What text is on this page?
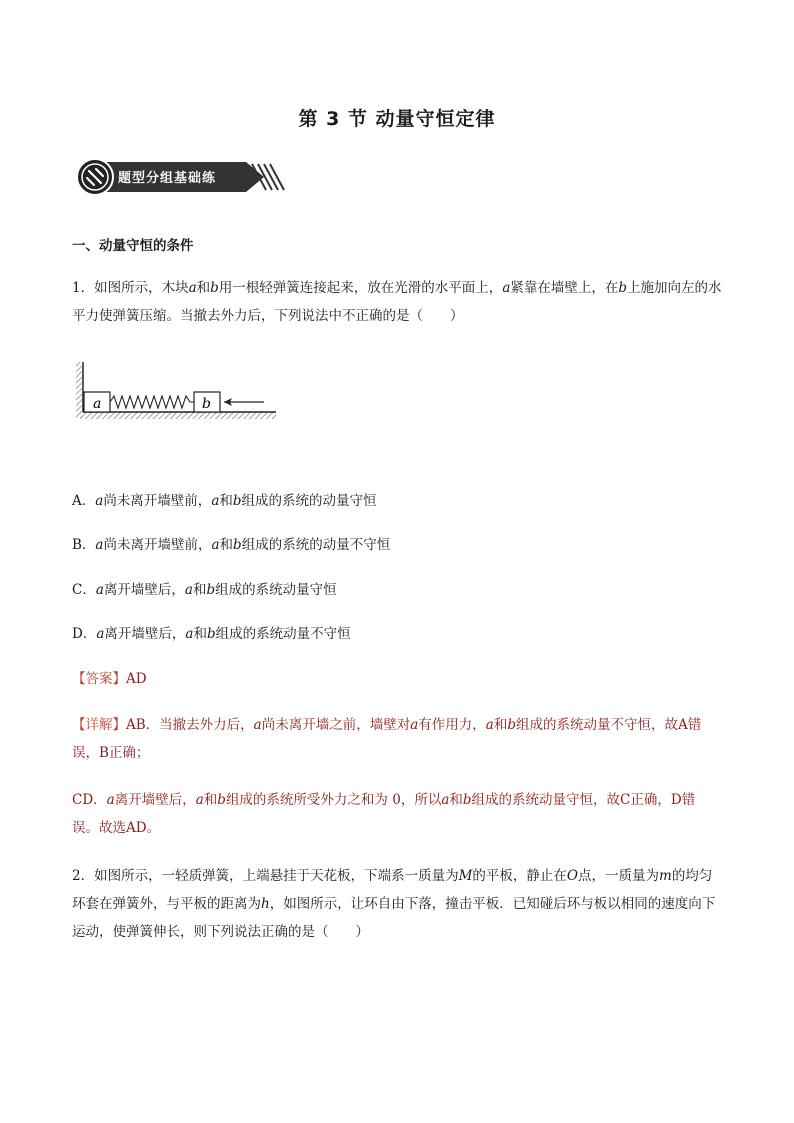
第 3 节 动量守恒定律
题型分组基础练
一、动量守恒的条件
1．如图所示，木块a和b用一根轻弹簧连接起来，放在光滑的水平面上，a紧靠在墙壁上，在b上施加向左的水平力使弹簧压缩。当撤去外力后，下列说法中不正确的是（　　）
a	b
A．a尚未离开墙壁前，a和b组成的系统的动量守恒
B．a尚未离开墙壁前，a和b组成的系统的动量不守恒
C．a离开墙壁后，a和b组成的系统动量守恒
D．a离开墙壁后，a和b组成的系统动量不守恒
【答案】AD
【详解】AB．当撤去外力后，a尚未离开墙之前，墙壁对a有作用力，a和b组成的系统动量不守恒，故A错误，B正确；
CD．a离开墙壁后，a和b组成的系统所受外力之和为 0，所以a和b组成的系统动量守恒，故C正确，D错误。故选AD。
2．如图所示，一轻质弹簧，上端悬挂于天花板，下端系一质量为M的平板，静止在O点，一质量为m的均匀环套在弹簧外，与平板的距离为h，如图所示，让环自由下落，撞击平板．已知碰后环与板以相同的速度向下运动，使弹簧伸长，则下列说法正确的是（　　）
